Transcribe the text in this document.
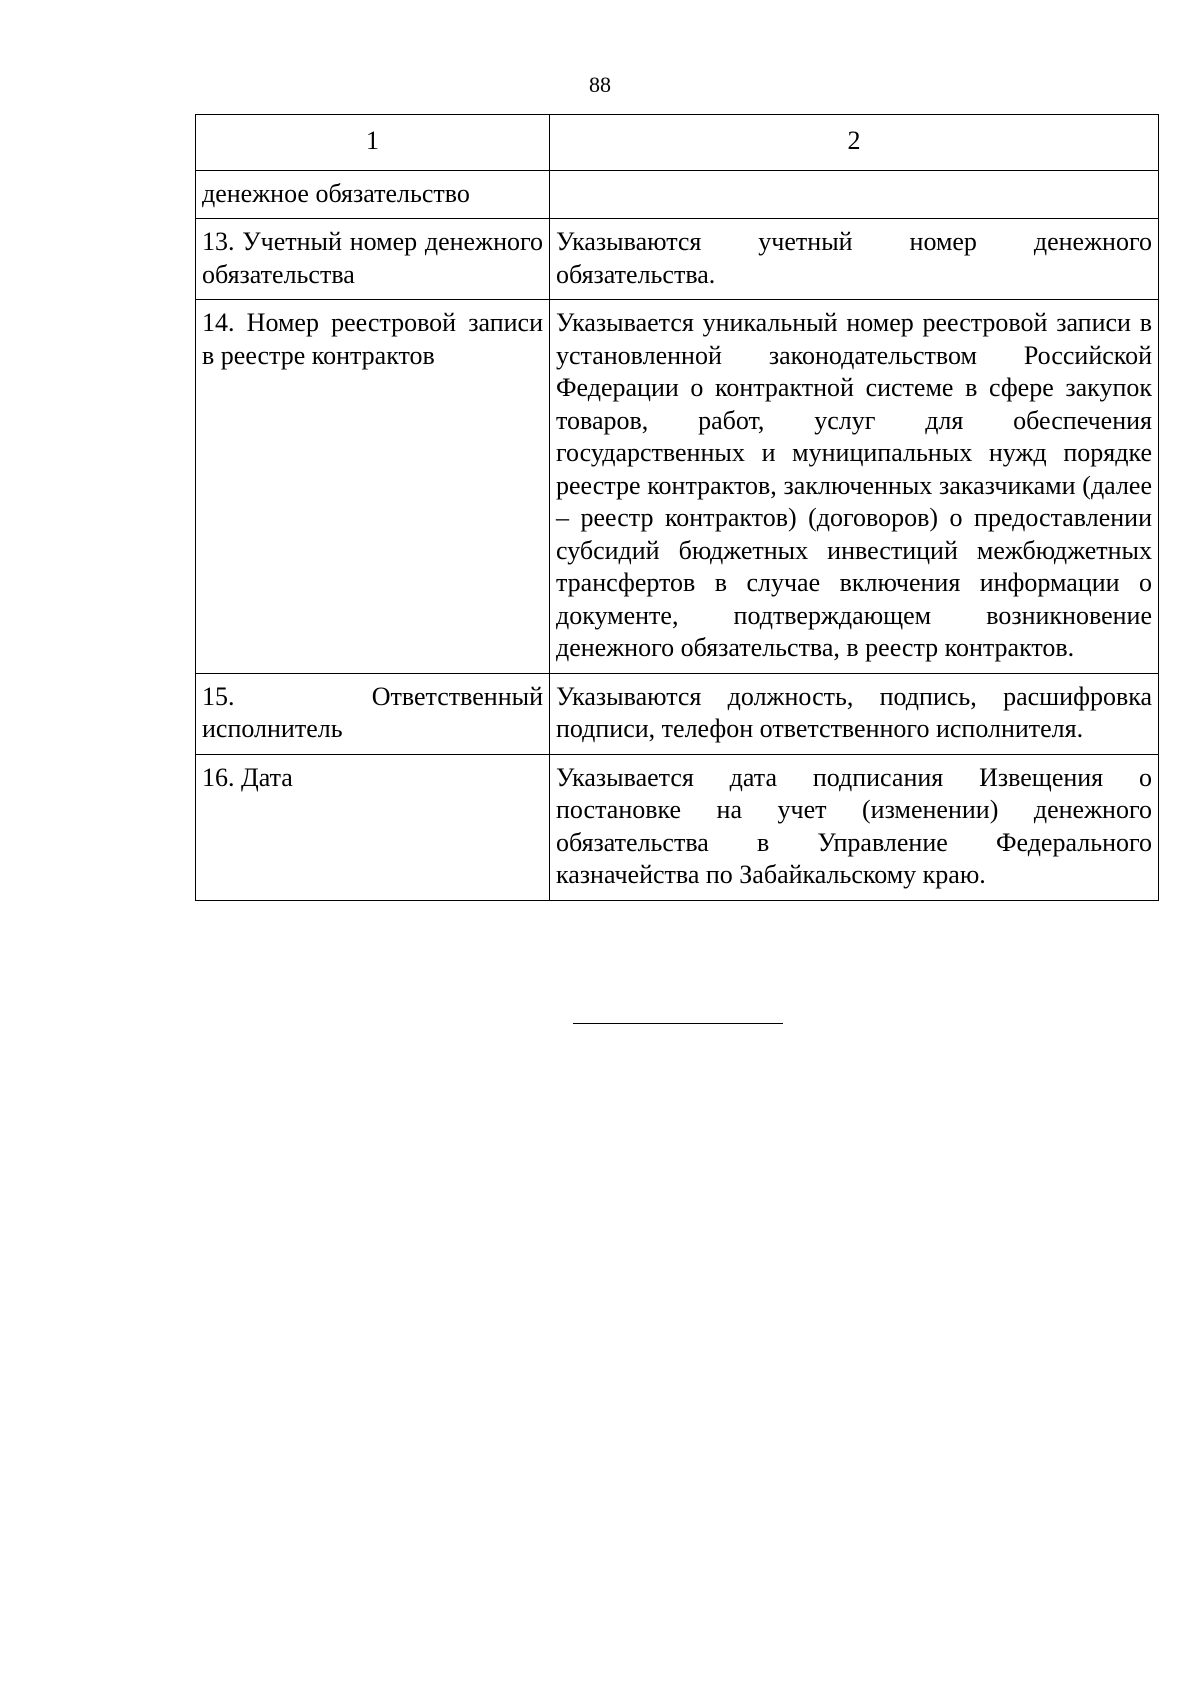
88
1	2
денежное обязательство	
13. Учетный номер денежного обязательства	Указываются учетный номер денежного обязательства.
14. Номер реестровой записи в реестре контрактов	Указывается уникальный номер реестровой записи в установленной законодательством Российской Федерации о контрактной системе в сфере закупок товаров, работ, услуг для обеспечения государственных и муниципальных нужд порядке реестре контрактов, заключенных заказчиками (далее – реестр контрактов) (договоров) о предоставлении субсидий бюджетных инвестиций межбюджетных трансфертов в случае включения информации о документе, подтверждающем возникновение денежного обязательства, в реестр контрактов.
15. Ответственный исполнитель	Указываются должность, подпись, расшифровка подписи, телефон ответственного исполнителя.
16. Дата	Указывается дата подписания Извещения о постановке на учет (изменении) денежного обязательства в Управление Федерального казначейства по Забайкальскому краю.
